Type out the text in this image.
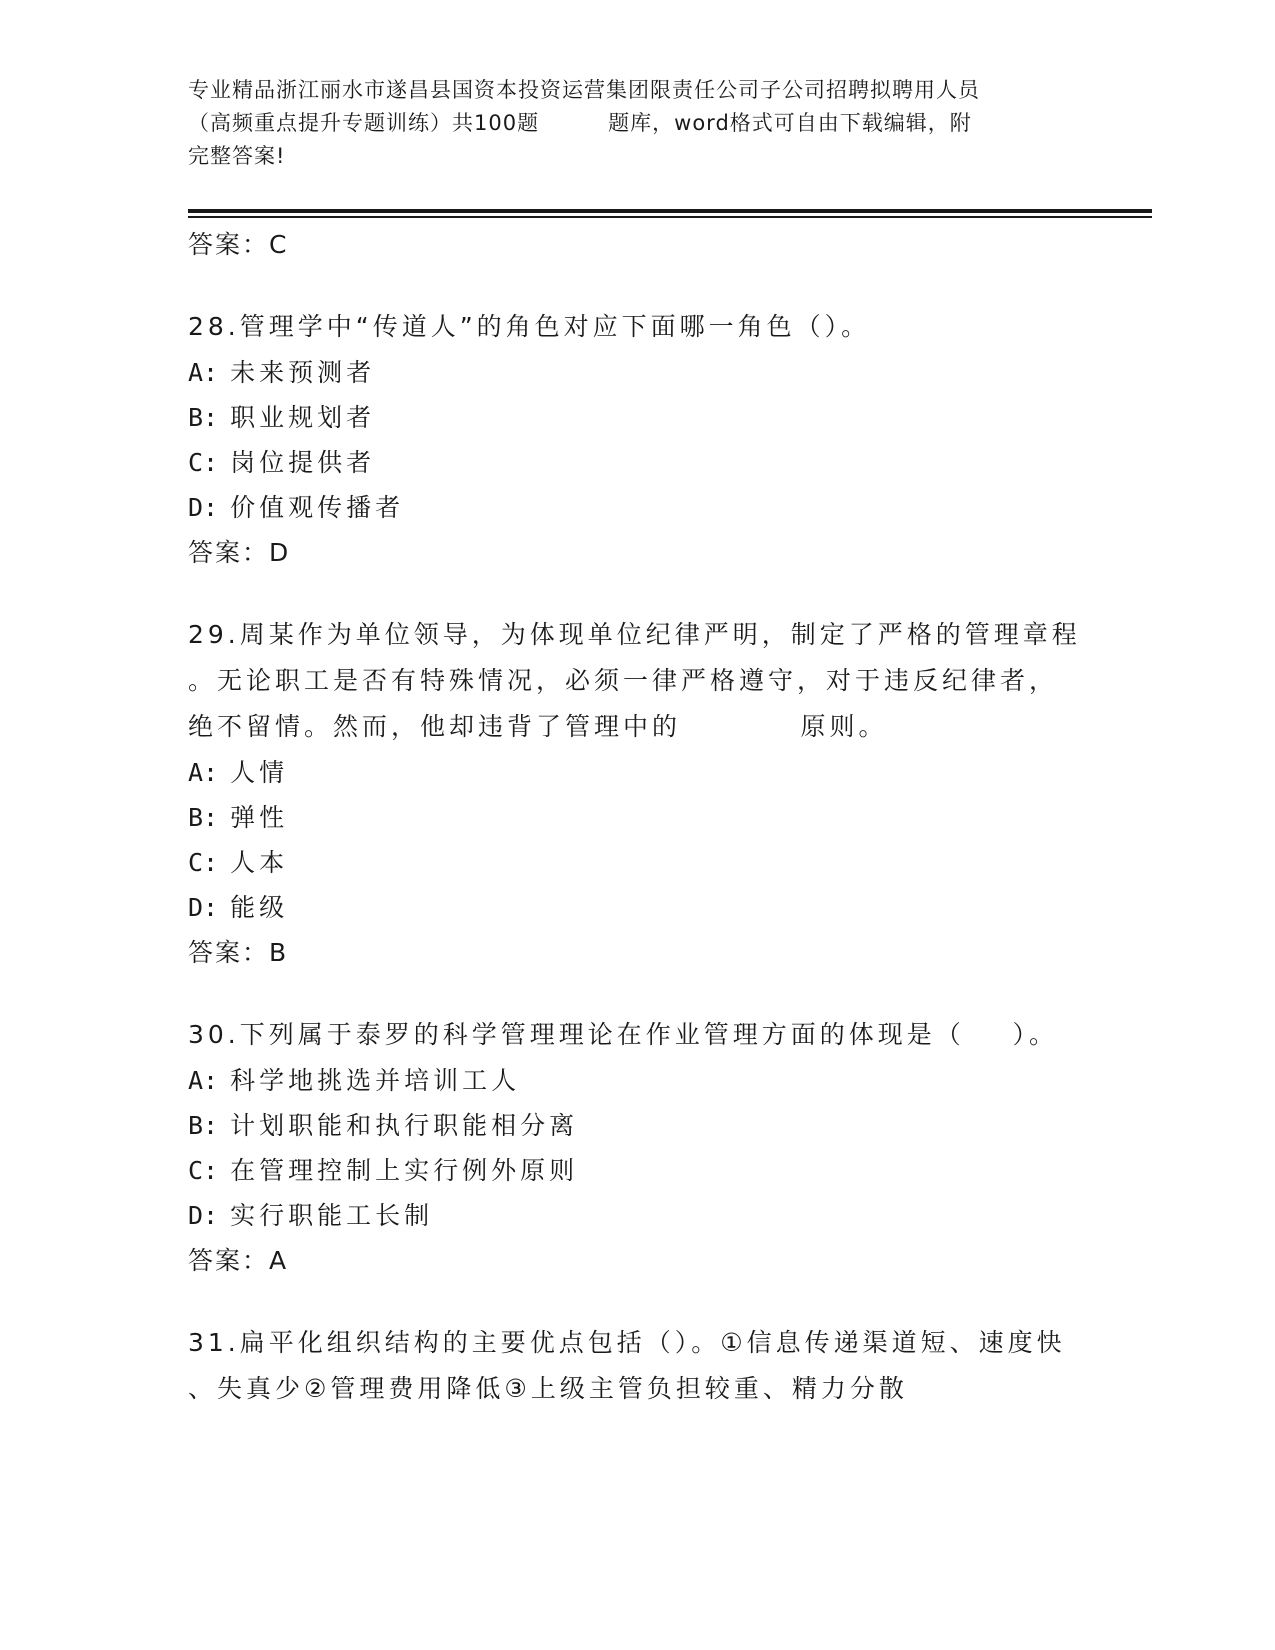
专业精品浙江丽水市遂昌县国资本投资运营集团限责任公司子公司招聘拟聘用人员
（高频重点提升专题训练）共100题         题库，word格式可自由下载编辑，附
完整答案!
答案：C
28.管理学中“传道人”的角色对应下面哪一角色（）。
A: 未来预测者
B: 职业规划者
C: 岗位提供者
D: 价值观传播者
答案：D
29.周某作为单位领导，为体现单位纪律严明，制定了严格的管理章程
。无论职工是否有特殊情况，必须一律严格遵守，对于违反纪律者，
绝不留情。然而，他却违背了管理中的          原则。
A: 人情
B: 弹性
C: 人本
D: 能级
答案：B
30.下列属于泰罗的科学管理理论在作业管理方面的体现是（    ）。
A: 科学地挑选并培训工人
B: 计划职能和执行职能相分离
C: 在管理控制上实行例外原则
D: 实行职能工长制
答案：A
31.扁平化组织结构的主要优点包括（）。①信息传递渠道短、速度快
、失真少②管理费用降低③上级主管负担较重、精力分散
